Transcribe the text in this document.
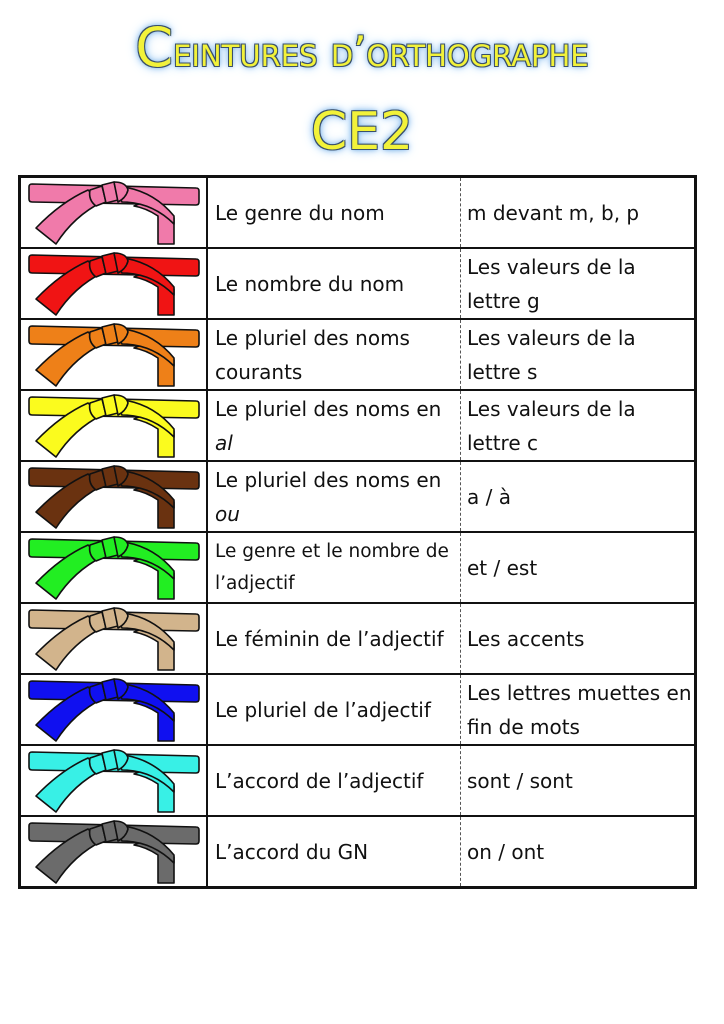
Ceintures d’orthographe
CE2
	Le genre du nom	m devant m, b, p

	Le nombre du nom	Les valeurs de la lettre g

	Le pluriel des noms courants	Les valeurs de la lettre s

	Le pluriel des noms en al	Les valeurs de la lettre c

	Le pluriel des noms en ou	a / à

	Le genre et le nombre de l’adjectif	et / est

	Le féminin de l’adjectif	Les accents

	Le pluriel de l’adjectif	Les lettres muettes en fin de mots

	L’accord de l’adjectif	sont / sont

	L’accord du GN	on / ont
